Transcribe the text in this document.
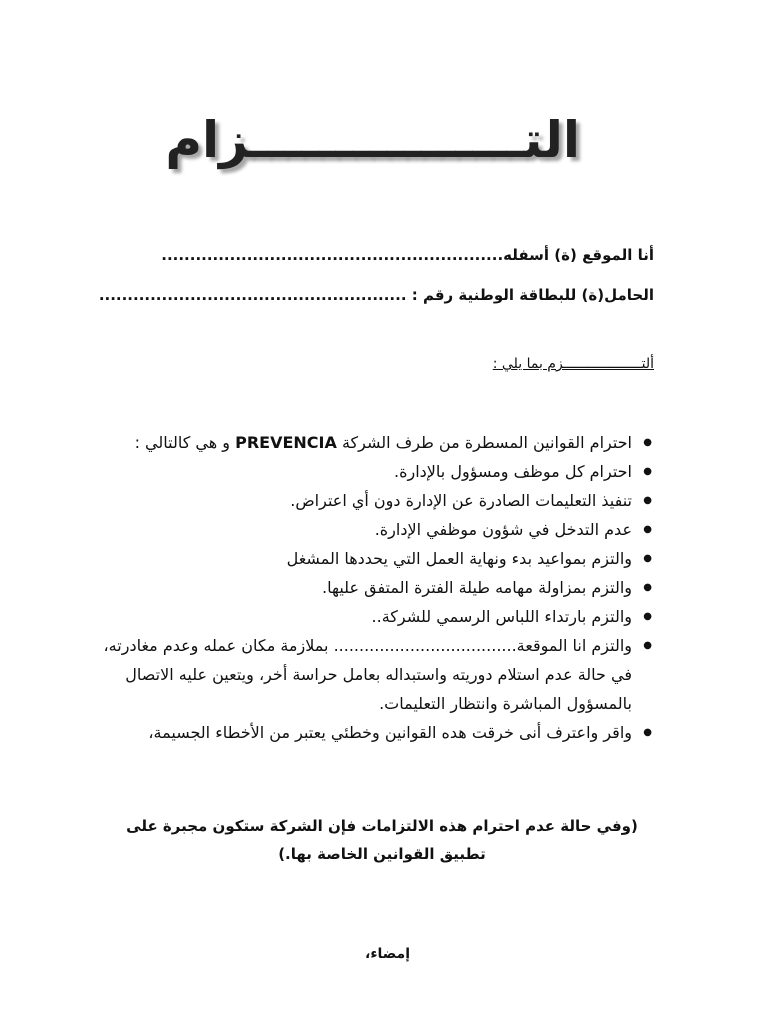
التــــــــــــــــزام
أنا الموقع (ة) أسفله............................................................
الحامل(ة) للبطاقة الوطنية رقم : ......................................................
ألتـــــــــــــــــــزم بما يلي :
● احترام القوانين المسطرة من طرف الشركة PREVENCIA و هي كالتالي :
● احترام كل موظف ومسؤول بالإدارة.
● تنفيذ التعليمات الصادرة عن الإدارة دون أي اعتراض.
● عدم التدخل في شؤون موظفي الإدارة.
● والتزم بمواعيد بدء ونهاية العمل التي يحددها المشغل
● والتزم بمزاولة مهامه طيلة الفترة المتفق عليها.
● والتزم بارتداء اللباس الرسمي للشركة..
● والتزم انا الموقعة.................................... بملازمة مكان عمله وعدم مغادرته، في حالة عدم استلام دوريته واستبداله بعامل حراسة أخر، ويتعين عليه الاتصال بالمسؤول المباشرة وانتظار التعليمات.
● واقر واعترف أنى خرقت هده القوانين وخطئي يعتبر من الأخطاء الجسيمة،
(وفي حالة عدم احترام هذه الالتزامات فإن الشركة ستكون مجبرة على تطبيق القوانين الخاصة بها.)
إمضاء،
